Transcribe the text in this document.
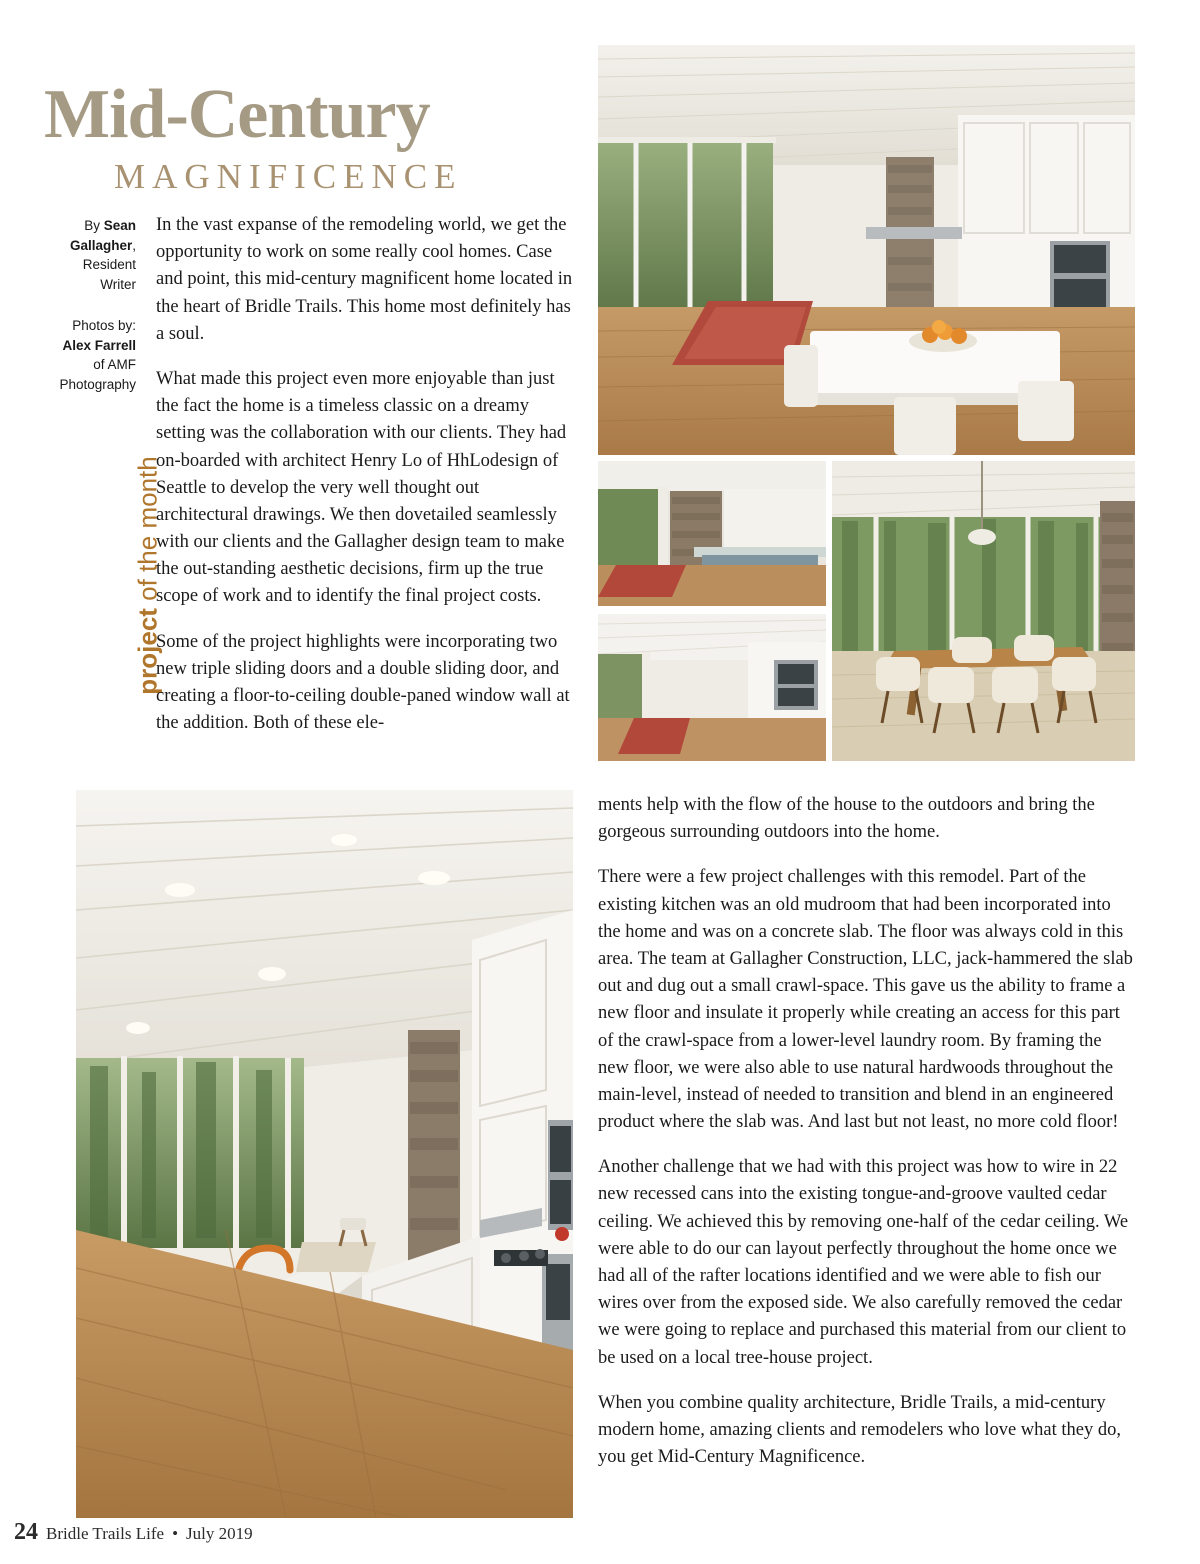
Mid-Century
MAGNIFICENCE
By Sean Gallagher,
Resident
Writer
Photos by:
Alex Farrell
of AMF
Photography
project of the month

In the vast expanse of the remodeling world, we get the opportunity to work on some really cool homes. Case and point, this mid-century magnificent home located in the heart of Bridle Trails. This home most definitely has a soul.

What made this project even more enjoyable than just the fact the home is a timeless classic on a dreamy setting was the collaboration with our clients. They had on-boarded with architect Henry Lo of HhLodesign of Seattle to develop the very well thought out architectural drawings. We then dovetailed seamlessly with our clients and the Gallagher design team to make the out-standing aesthetic decisions, firm up the true scope of work and to identify the final project costs.

Some of the project highlights were incorporating two new triple sliding doors and a double sliding door, and creating a floor-to-ceiling double-paned window wall at the addition. Both of these ele-

ments help with the flow of the house to the outdoors and bring the gorgeous surrounding outdoors into the home.

There were a few project challenges with this remodel. Part of the existing kitchen was an old mudroom that had been incorporated into the home and was on a concrete slab. The floor was always cold in this area. The team at Gallagher Construction, LLC, jack-hammered the slab out and dug out a small crawl-space. This gave us the ability to frame a new floor and insulate it properly while creating an access for this part of the crawl-space from a lower-level laundry room. By framing the new floor, we were also able to use natural hardwoods throughout the main-level, instead of needed to transition and blend in an engineered product where the slab was. And last but not least, no more cold floor!

Another challenge that we had with this project was how to wire in 22 new recessed cans into the existing tongue-and-groove vaulted cedar ceiling. We achieved this by removing one-half of the cedar ceiling. We were able to do our can layout perfectly throughout the home once we had all of the rafter locations identified and we were able to fish our wires over from the exposed side. We also carefully removed the cedar we were going to replace and purchased this material from our client to be used on a local tree-house project.

When you combine quality architecture, Bridle Trails, a mid-century modern home, amazing clients and remodelers who love what they do, you get Mid-Century Magnificence.

24 Bridle Trails Life • July 2019
